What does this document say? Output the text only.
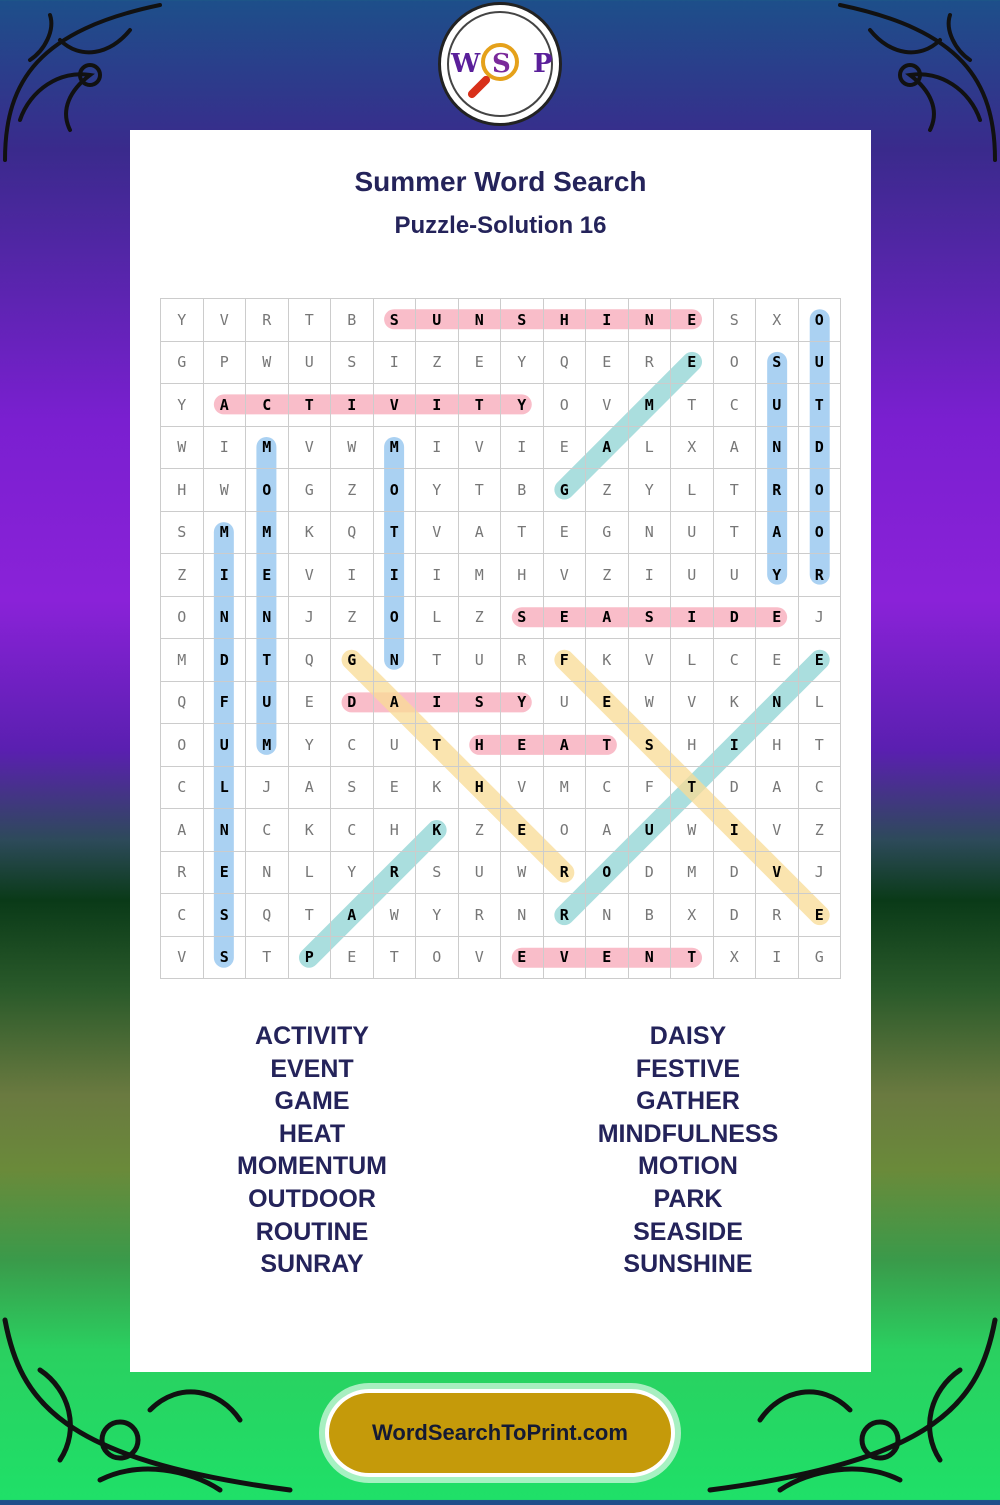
W S P
Summer Word Search
Puzzle-Solution 16
Y	V	R	T	B	S	U	N	S	H	I	N	E	S	X	O
G	P	W	U	S	I	Z	E	Y	Q	E	R	E	O	S	U
Y	A	C	T	I	V	I	T	Y	O	V	M	T	C	U	T
W	I	M	V	W	M	I	V	I	E	A	L	X	A	N	D
H	W	O	G	Z	O	Y	T	B	G	Z	Y	L	T	R	O
S	M	M	K	Q	T	V	A	T	E	G	N	U	T	A	O
Z	I	E	V	I	I	I	M	H	V	Z	I	U	U	Y	R
O	N	N	J	Z	O	L	Z	S	E	A	S	I	D	E	J
M	D	T	Q	G	N	T	U	R	F	K	V	L	C	E	E
Q	F	U	E	D	A	I	S	Y	U	E	W	V	K	N	L
O	U	M	Y	C	U	T	H	E	A	T	S	H	I	H	T
C	L	J	A	S	E	K	H	V	M	C	F	T	D	A	C
A	N	C	K	C	H	K	Z	E	O	A	U	W	I	V	Z
R	E	N	L	Y	R	S	U	W	R	O	D	M	D	V	J
C	S	Q	T	A	W	Y	R	N	R	N	B	X	D	R	E
V	S	T	P	E	T	O	V	E	V	E	N	T	X	I	G
ACTIVITY
EVENT
GAME
HEAT
MOMENTUM
OUTDOOR
ROUTINE
SUNRAY
DAISY
FESTIVE
GATHER
MINDFULNESS
MOTION
PARK
SEASIDE
SUNSHINE
WordSearchToPrint.com
